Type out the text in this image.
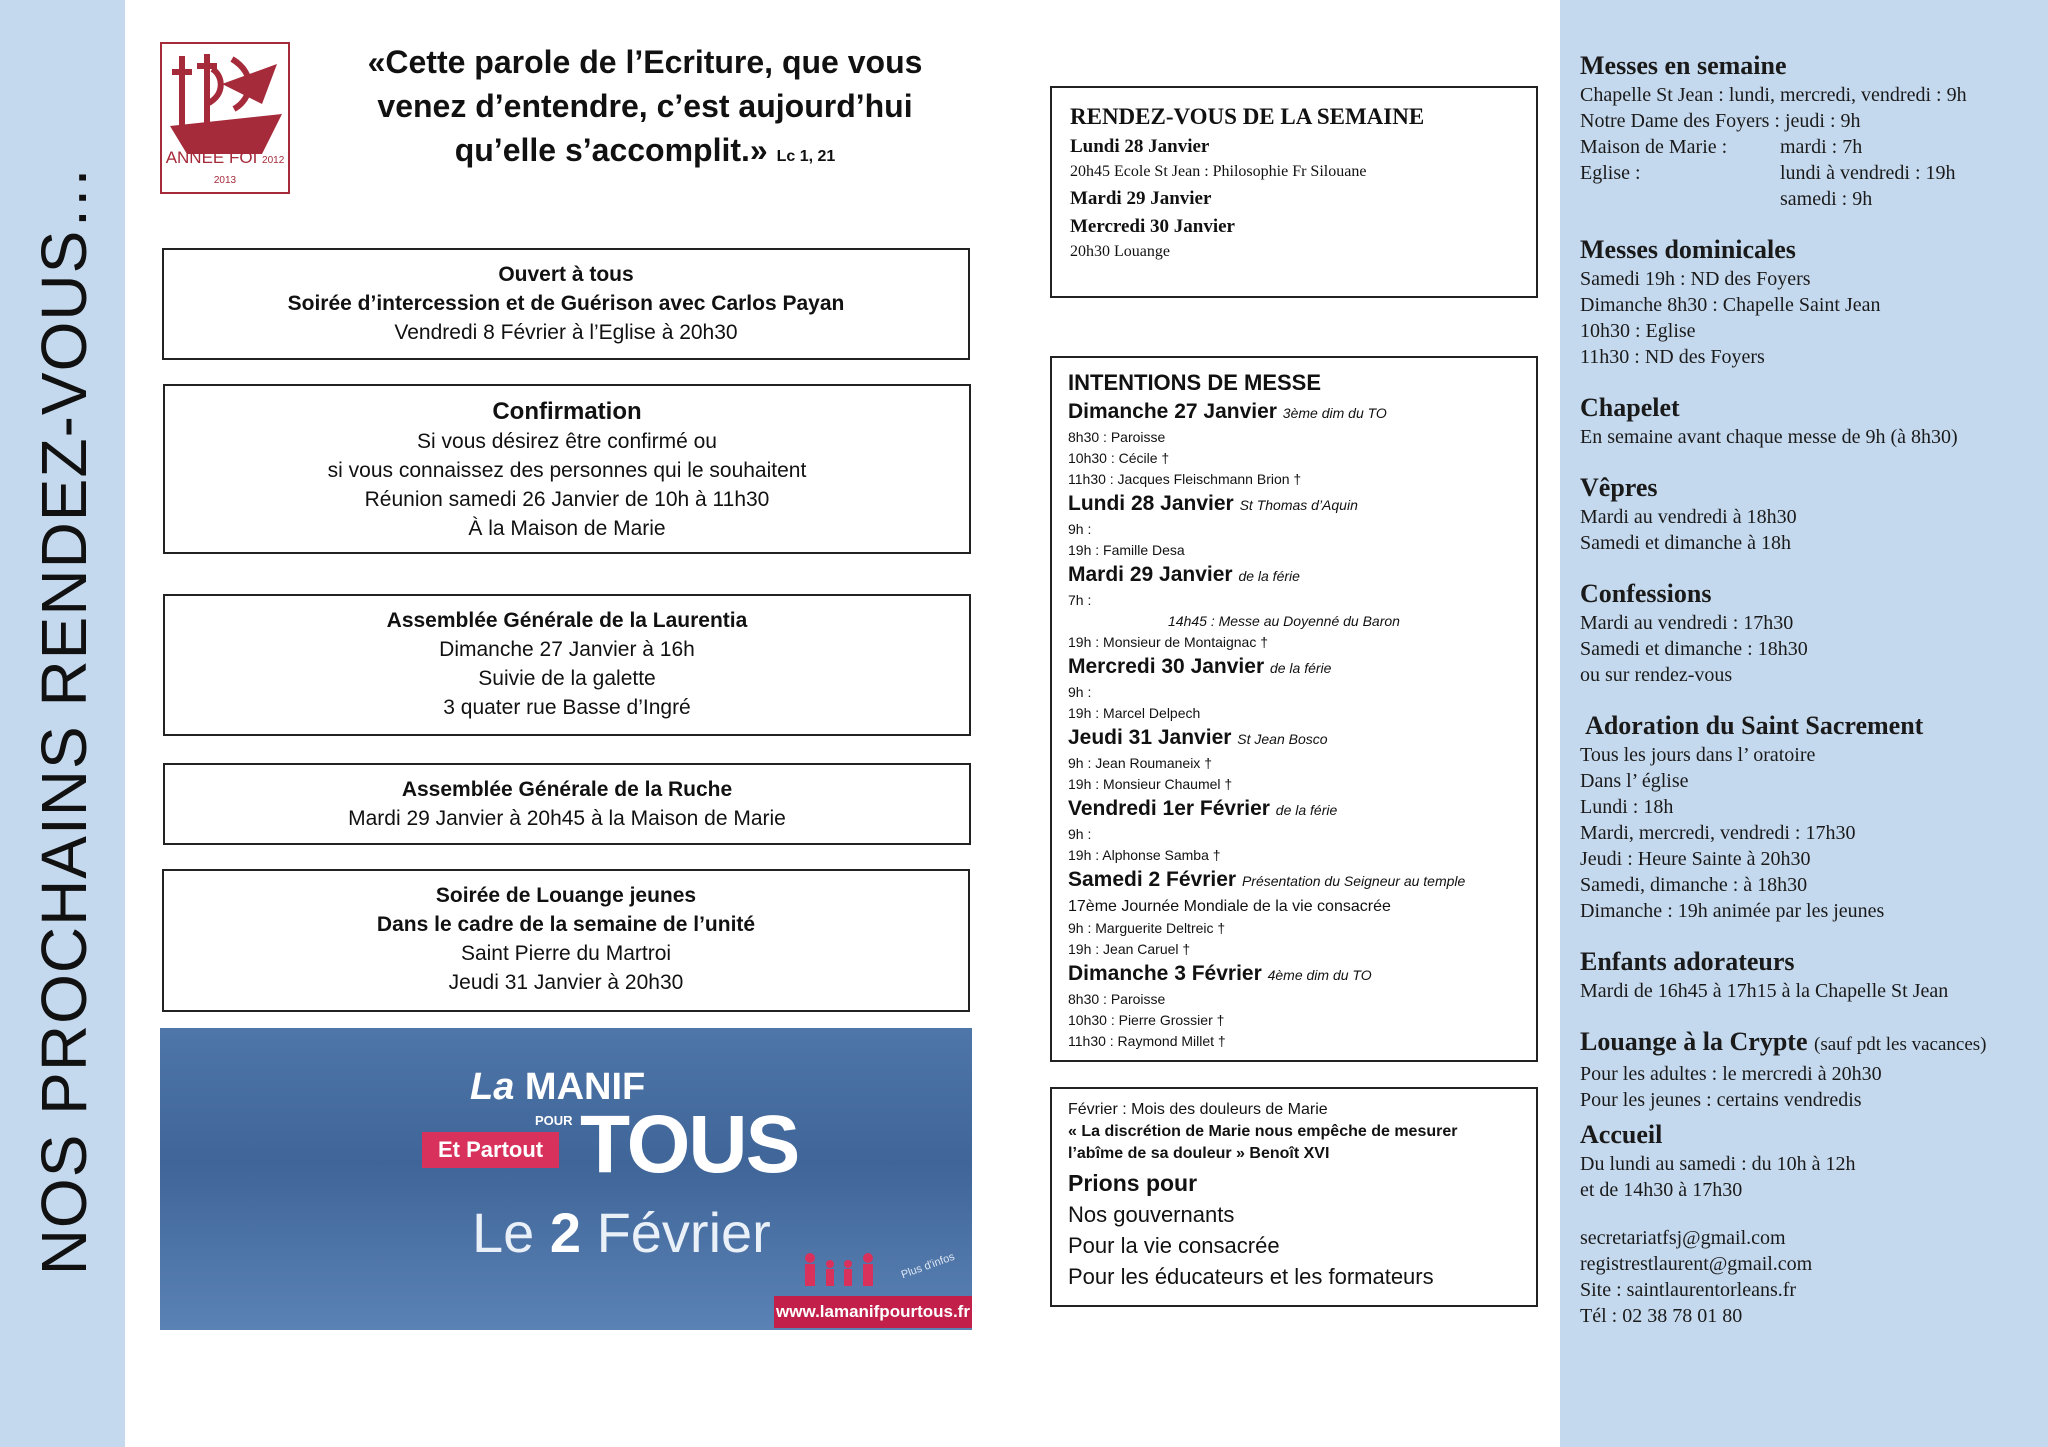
NOS PROCHAINS RENDEZ-VOUS…
ANNÉE FOI 2012 2013
«Cette parole de l’Ecriture, que vous
venez d’entendre, c’est aujourd’hui
qu’elle s’accomplit.» Lc 1, 21
Ouvert à tous
Soirée d’intercession et de Guérison avec Carlos Payan
Vendredi 8 Février à l’Eglise à 20h30
Confirmation
Si vous désirez être confirmé ou
si vous connaissez des personnes qui le souhaitent
Réunion samedi 26 Janvier de 10h à 11h30
À la Maison de Marie
Assemblée Générale de la Laurentia
Dimanche 27 Janvier à 16h
Suivie de la galette
3 quater rue Basse d’Ingré
Assemblée Générale de la Ruche
Mardi 29 Janvier à 20h45 à la Maison de Marie
Soirée de Louange jeunes
Dans le cadre de la semaine de l’unité
Saint Pierre du Martroi
Jeudi 31 Janvier à 20h30
La MANIF
POUR TOUS
Et Partout
Le 2 Février
Plus d'infos
www.lamanifpourtous.fr
RENDEZ-VOUS DE LA SEMAINE
Lundi 28 Janvier
20h45 Ecole St Jean : Philosophie Fr Silouane
Mardi 29 Janvier
Mercredi 30 Janvier
20h30 Louange
INTENTIONS DE MESSE
Dimanche 27 Janvier 3ème dim du TO
8h30 : Paroisse
10h30 : Cécile †
11h30 : Jacques Fleischmann Brion †
Lundi 28 Janvier St Thomas d’Aquin
9h :
19h : Famille Desa
Mardi 29 Janvier de la férie
7h :
14h45 : Messe au Doyenné du Baron
19h : Monsieur de Montaignac †
Mercredi 30 Janvier de la férie
9h :
19h : Marcel Delpech
Jeudi 31 Janvier St Jean Bosco
9h : Jean Roumaneix †
19h : Monsieur Chaumel †
Vendredi 1er Février de la férie
9h :
19h : Alphonse Samba †
Samedi 2 Février Présentation du Seigneur au temple
17ème Journée Mondiale de la vie consacrée
9h : Marguerite Deltreic †
19h : Jean Caruel †
Dimanche 3 Février 4ème dim du TO
8h30 : Paroisse
10h30 : Pierre Grossier †
11h30 : Raymond Millet †
Février : Mois des douleurs de Marie
« La discrétion de Marie nous empêche de mesurer
l’abîme de sa douleur » Benoît XVI
Prions pour
Nos gouvernants
Pour la vie consacrée
Pour les éducateurs et les formateurs
Messes en semaine
Chapelle St Jean : lundi, mercredi, vendredi : 9h
Notre Dame des Foyers : jeudi : 9h
Maison de Marie :	mardi : 7h
Eglise :	lundi à vendredi : 19h
samedi : 9h
Messes dominicales
Samedi 19h : ND des Foyers
Dimanche 8h30 : Chapelle Saint Jean
10h30 : Eglise
11h30 : ND des Foyers
Chapelet
En semaine avant chaque messe de 9h (à 8h30)
Vêpres
Mardi au vendredi à 18h30
Samedi et dimanche à 18h
Confessions
Mardi au vendredi : 17h30
Samedi et dimanche : 18h30
ou sur rendez-vous
Adoration du Saint Sacrement
Tous les jours dans l’ oratoire
Dans l’ église
Lundi : 18h
Mardi, mercredi, vendredi : 17h30
Jeudi : Heure Sainte à 20h30
Samedi, dimanche : à 18h30
Dimanche : 19h animée par les jeunes
Enfants adorateurs
Mardi de 16h45 à 17h15 à la Chapelle St Jean
Louange à la Crypte (sauf pdt les vacances)
Pour les adultes : le mercredi à 20h30
Pour les jeunes : certains vendredis
Accueil
Du lundi au samedi : du 10h à 12h
et de 14h30 à 17h30
secretariatfsj@gmail.com
registrestlaurent@gmail.com
Site : saintlaurentorleans.fr
Tél : 02 38 78 01 80
